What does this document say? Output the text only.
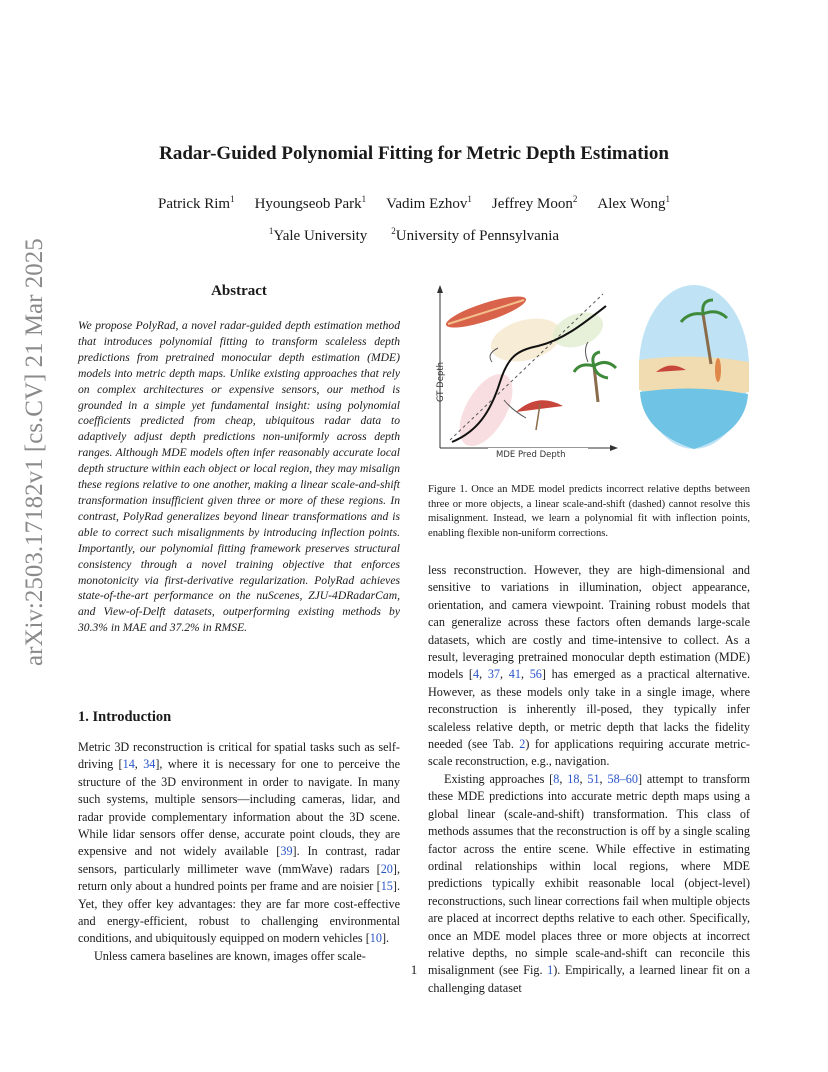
arXiv:2503.17182v1 [cs.CV] 21 Mar 2025
Radar-Guided Polynomial Fitting for Metric Depth Estimation
Patrick Rim$^1$ Hyoungseob Park$^1$ Vadim Ezhov$^1$ Jeffrey Moon$^2$ Alex Wong$^1$
$^1$Yale University	$^2$University of Pennsylvania
Abstract
We propose PolyRad, a novel radar-guided depth estimation method that introduces polynomial fitting to transform scaleless depth predictions from pretrained monocular depth estimation (MDE) models into metric depth maps. Unlike existing approaches that rely on complex architectures or expensive sensors, our method is grounded in a simple yet fundamental insight: using polynomial coefficients predicted from cheap, ubiquitous radar data to adaptively adjust depth predictions non-uniformly across depth ranges. Although MDE models often infer reasonably accurate local depth structure within each object or local region, they may misalign these regions relative to one another, making a linear scale-and-shift transformation insufficient given three or more of these regions. In contrast, PolyRad generalizes beyond linear transformations and is able to correct such misalignments by introducing inflection points. Importantly, our polynomial fitting framework preserves structural consistency through a novel training objective that enforces monotonicity via first-derivative regularization. PolyRad achieves state-of-the-art performance on the nuScenes, ZJU-4DRadarCam, and View-of-Delft datasets, outperforming existing methods by 30.3% in MAE and 37.2% in RMSE.
1. Introduction

Metric 3D reconstruction is critical for spatial tasks such as self-driving [14, 34], where it is necessary for one to perceive the structure of the 3D environment in order to navigate. In many such systems, multiple sensors—including cameras, lidar, and radar provide complementary information about the 3D scene. While lidar sensors offer dense, accurate point clouds, they are expensive and not widely available [39]. In contrast, radar sensors, particularly millimeter wave (mmWave) radars [20], return only about a hundred points per frame and are noisier [15]. Yet, they offer key advantages: they are far more cost-effective and energy-efficient, robust to challenging environmental conditions, and ubiquitously equipped on modern vehicles [10].

Unless camera baselines are known, images offer scale-

GT Depth
MDE Pred Depth
Figure 1. Once an MDE model predicts incorrect relative depths between three or more objects, a linear scale-and-shift (dashed) cannot resolve this misalignment. Instead, we learn a polynomial fit with inflection points, enabling flexible non-uniform corrections.

less reconstruction. However, they are high-dimensional and sensitive to variations in illumination, object appearance, orientation, and camera viewpoint. Training robust models that can generalize across these factors often demands large-scale datasets, which are costly and time-intensive to collect. As a result, leveraging pretrained monocular depth estimation (MDE) models [4, 37, 41, 56] has emerged as a practical alternative. However, as these models only take in a single image, where reconstruction is inherently ill-posed, they typically infer scaleless relative depth, or metric depth that lacks the fidelity needed (see Tab. 2) for applications requiring accurate metric-scale reconstruction, e.g., navigation.

Existing approaches [8, 18, 51, 58–60] attempt to transform these MDE predictions into accurate metric depth maps using a global linear (scale-and-shift) transformation. This class of methods assumes that the reconstruction is off by a single scaling factor across the entire scene. While effective in estimating ordinal relationships within local regions, where MDE predictions typically exhibit reasonable local (object-level) reconstructions, such linear corrections fail when multiple objects are placed at incorrect depths relative to each other. Specifically, once an MDE model places three or more objects at incorrect relative depths, no simple scale-and-shift can reconcile this misalignment (see Fig. 1). Empirically, a learned linear fit on a challenging dataset

1
